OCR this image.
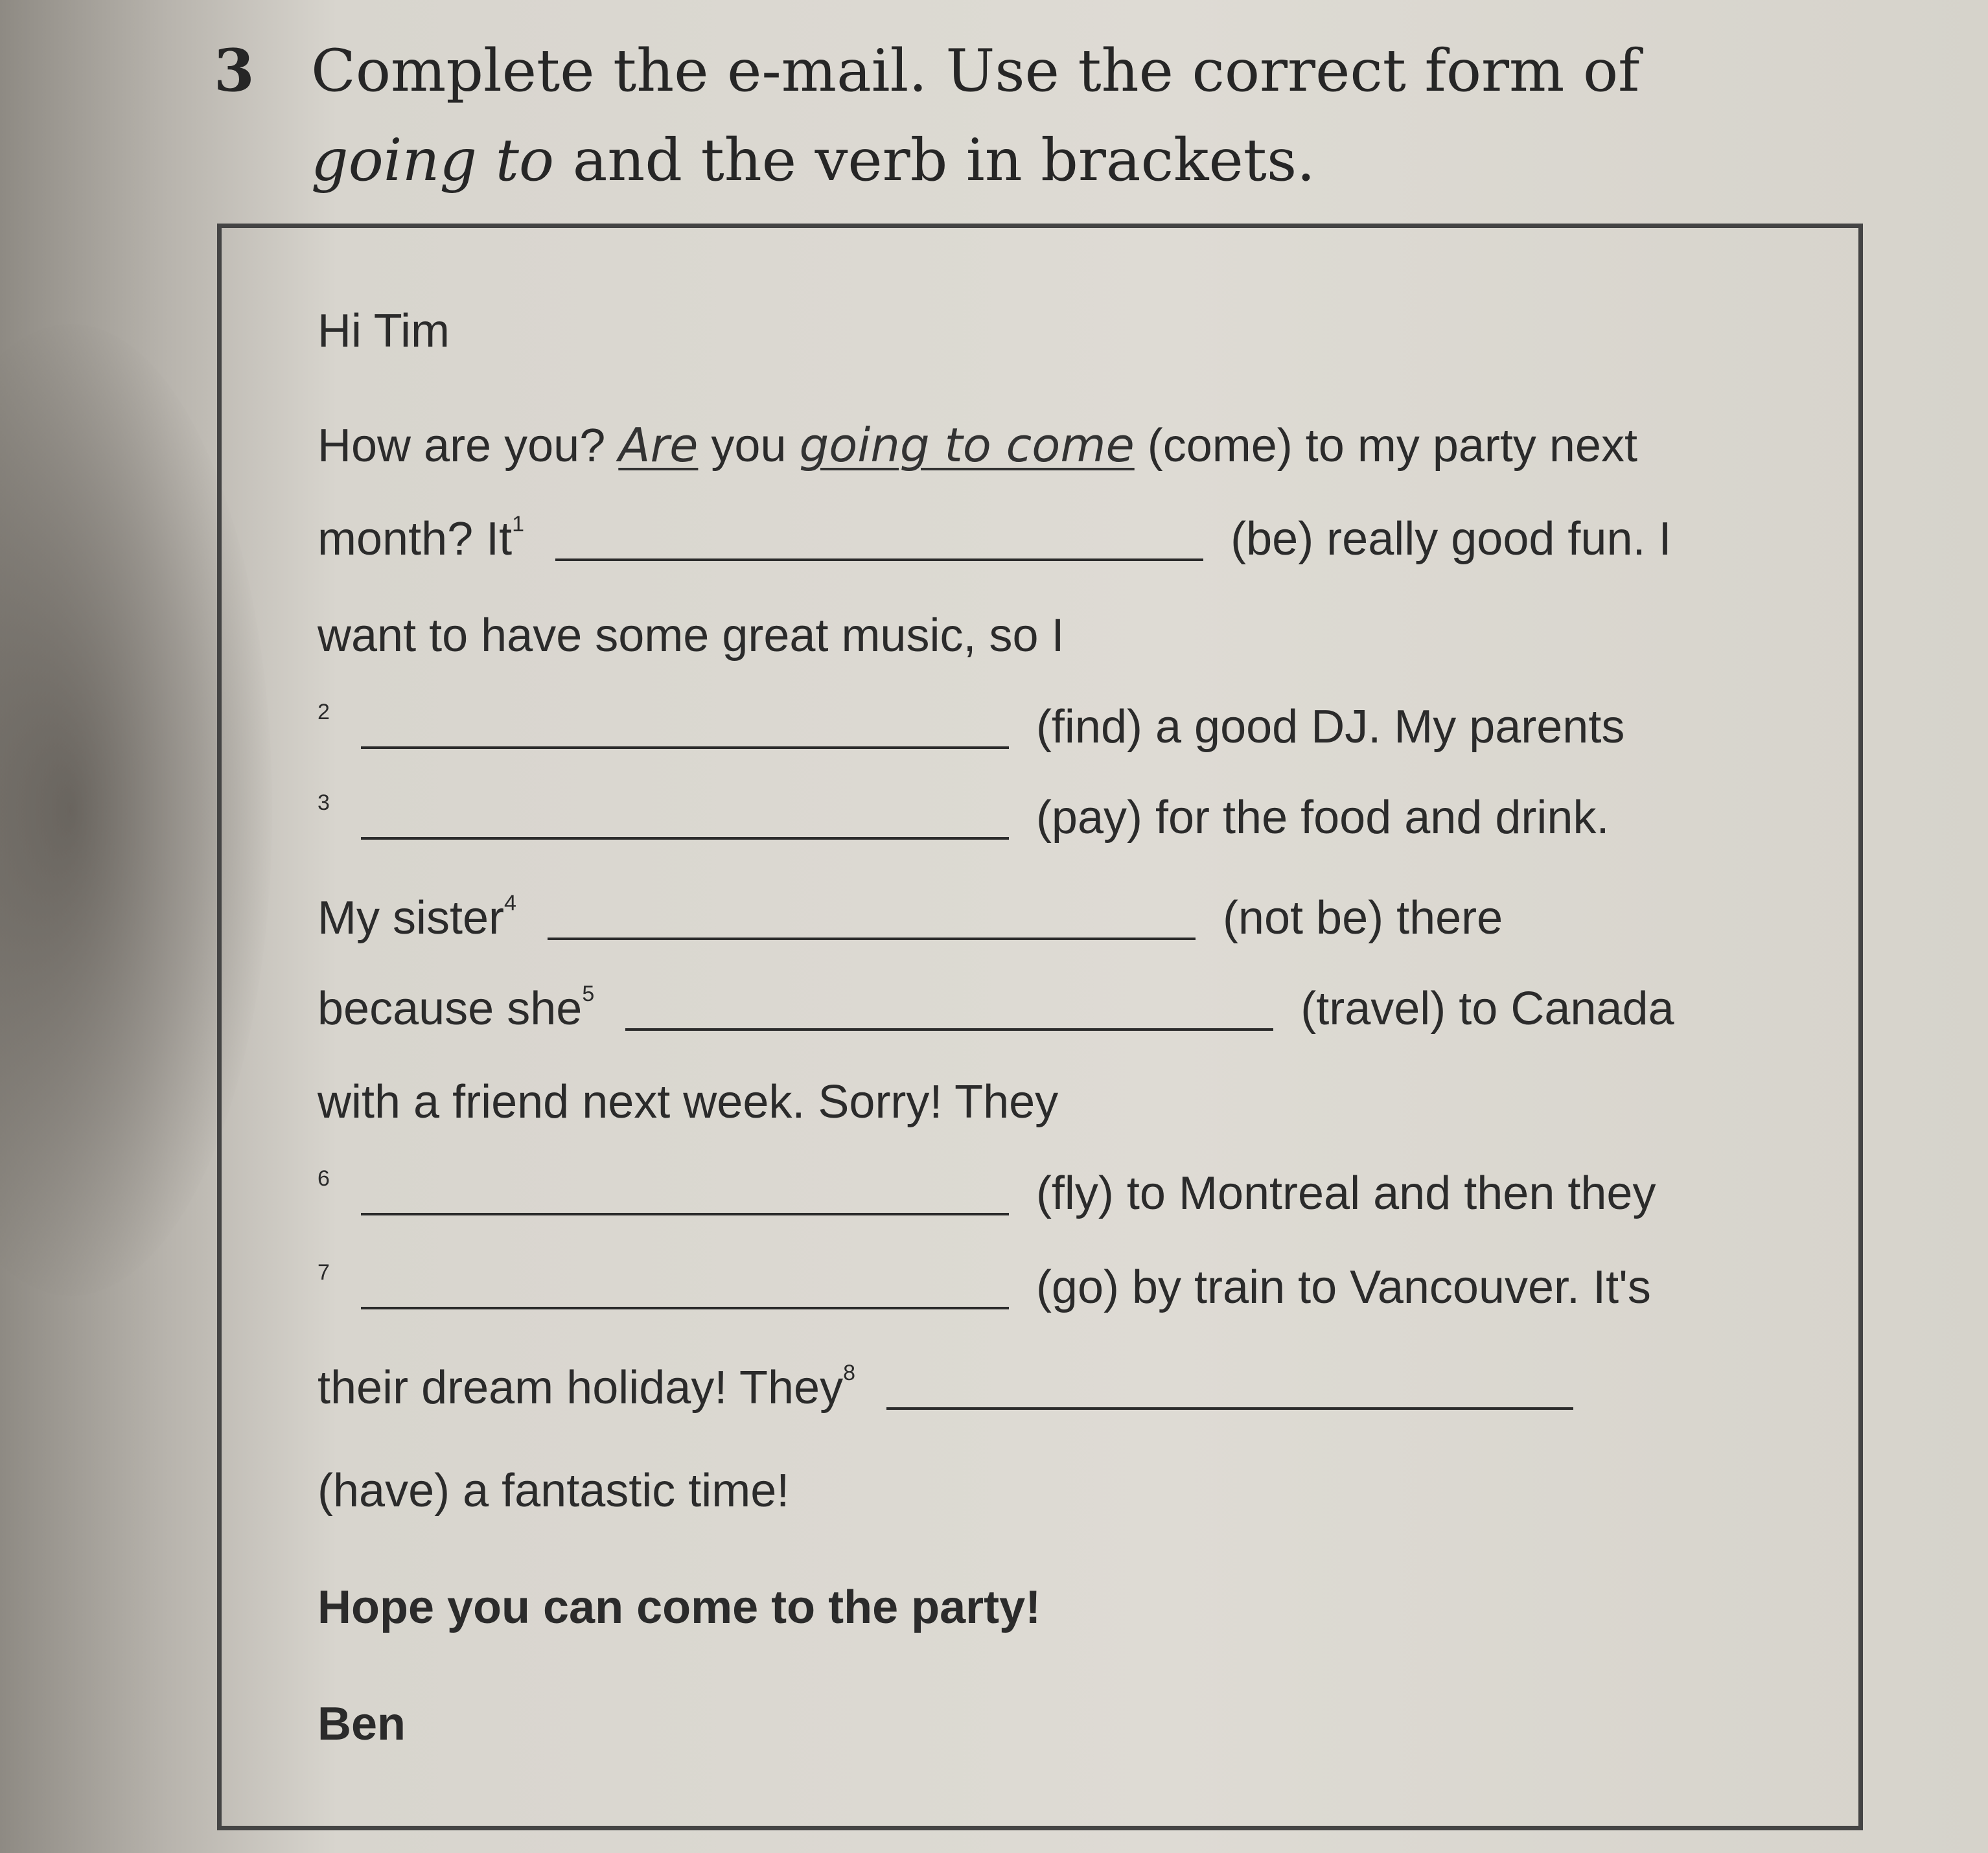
3 Complete the e-mail. Use the correct form of
going to and the verb in brackets.
Hi Tim
How are you? Are you going to come (come) to my party next
month? It$^1$	(be) really good fun. I
want to have some great music, so I
$^2$	(find) a good DJ. My parents
$^3$	(pay) for the food and drink.
My sister$^4$	(not be) there
because she$^5$	(travel) to Canada
with a friend next week. Sorry! They
$^6$	(fly) to Montreal and then they
$^7$	(go) by train to Vancouver. It's
their dream holiday! They$^8$
(have) a fantastic time!
Hope you can come to the party!
Ben
